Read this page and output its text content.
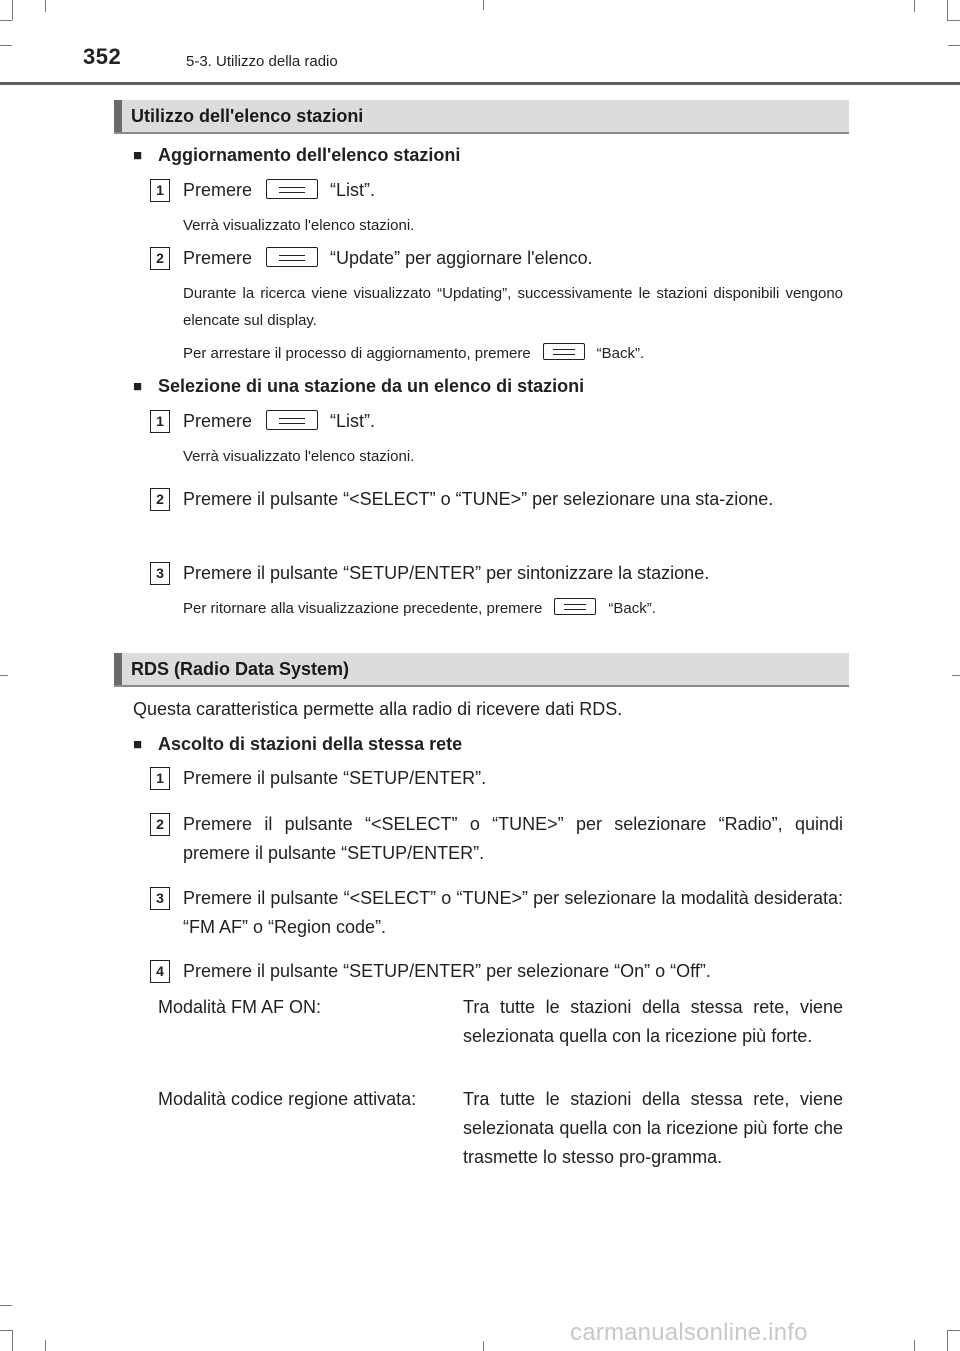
352	5-3. Utilizzo della radio
Utilizzo dell'elenco stazioni
■ Aggiornamento dell'elenco stazioni
1	Premere	“List”.
Verrà visualizzato l'elenco stazioni.
2	Premere	“Update” per aggiornare l'elenco.
Durante la ricerca viene visualizzato “Updating”, successivamente le stazioni disponibili vengono elencate sul display.
Per arrestare il processo di aggiornamento, premere	“Back”.
■ Selezione di una stazione da un elenco di stazioni
1	Premere	“List”.
Verrà visualizzato l'elenco stazioni.
2	Premere il pulsante “<SELECT” o “TUNE>” per selezionare una sta-zione.
3	Premere il pulsante “SETUP/ENTER” per sintonizzare la stazione.
Per ritornare alla visualizzazione precedente, premere	“Back”.
RDS (Radio Data System)
Questa caratteristica permette alla radio di ricevere dati RDS.
■ Ascolto di stazioni della stessa rete
1	Premere il pulsante “SETUP/ENTER”.
2	Premere il pulsante “<SELECT” o “TUNE>” per selezionare “Radio”, quindi premere il pulsante “SETUP/ENTER”.
3	Premere il pulsante “<SELECT” o “TUNE>” per selezionare la modalità desiderata: “FM AF” o “Region code”.
4	Premere il pulsante “SETUP/ENTER” per selezionare “On” o “Off”.
Modalità FM AF ON:	Tra tutte le stazioni della stessa rete, viene selezionata quella con la ricezione più forte.
Modalità codice regione attivata:	Tra tutte le stazioni della stessa rete, viene selezionata quella con la ricezione più forte che trasmette lo stesso pro-gramma.
carmanualsonline.info
